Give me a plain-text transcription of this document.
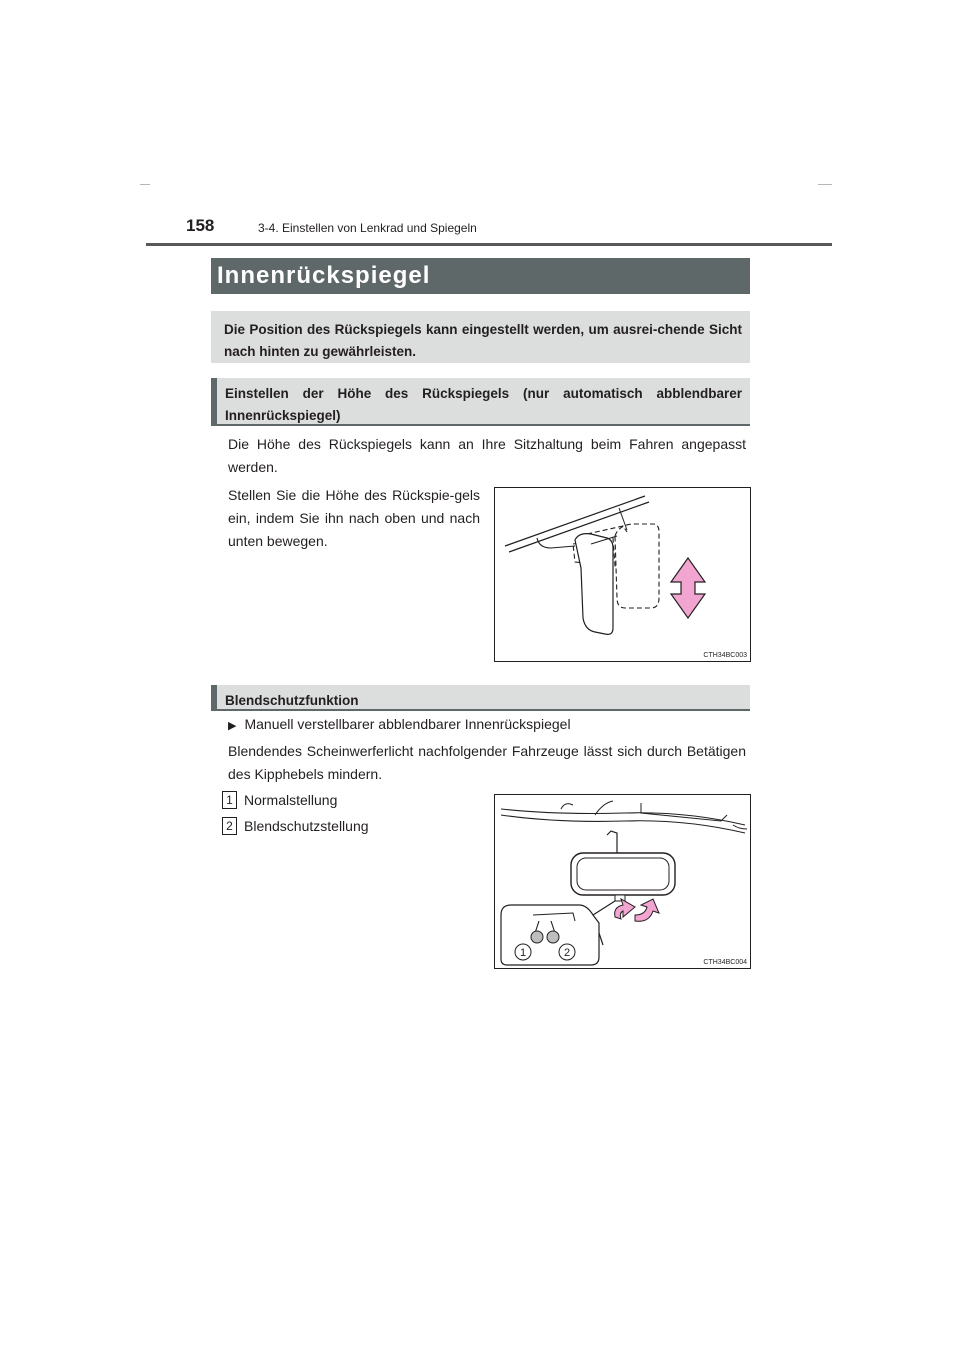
158	3-4. Einstellen von Lenkrad und Spiegeln
Innenrückspiegel
Die Position des Rückspiegels kann eingestellt werden, um ausrei-chende Sicht nach hinten zu gewährleisten.
Einstellen der Höhe des Rückspiegels (nur automatisch abblendbarer Innenrückspiegel)
Die Höhe des Rückspiegels kann an Ihre Sitzhaltung beim Fahren angepasst werden.
Stellen Sie die Höhe des Rückspie-gels ein, indem Sie ihn nach oben und nach unten bewegen.
CTH34BC003
Blendschutzfunktion
▶ Manuell verstellbarer abblendbarer Innenrückspiegel
Blendendes Scheinwerferlicht nachfolgender Fahrzeuge lässt sich durch Betätigen des Kipphebels mindern.
1 Normalstellung
2 Blendschutzstellung
1	2
CTH34BC004
